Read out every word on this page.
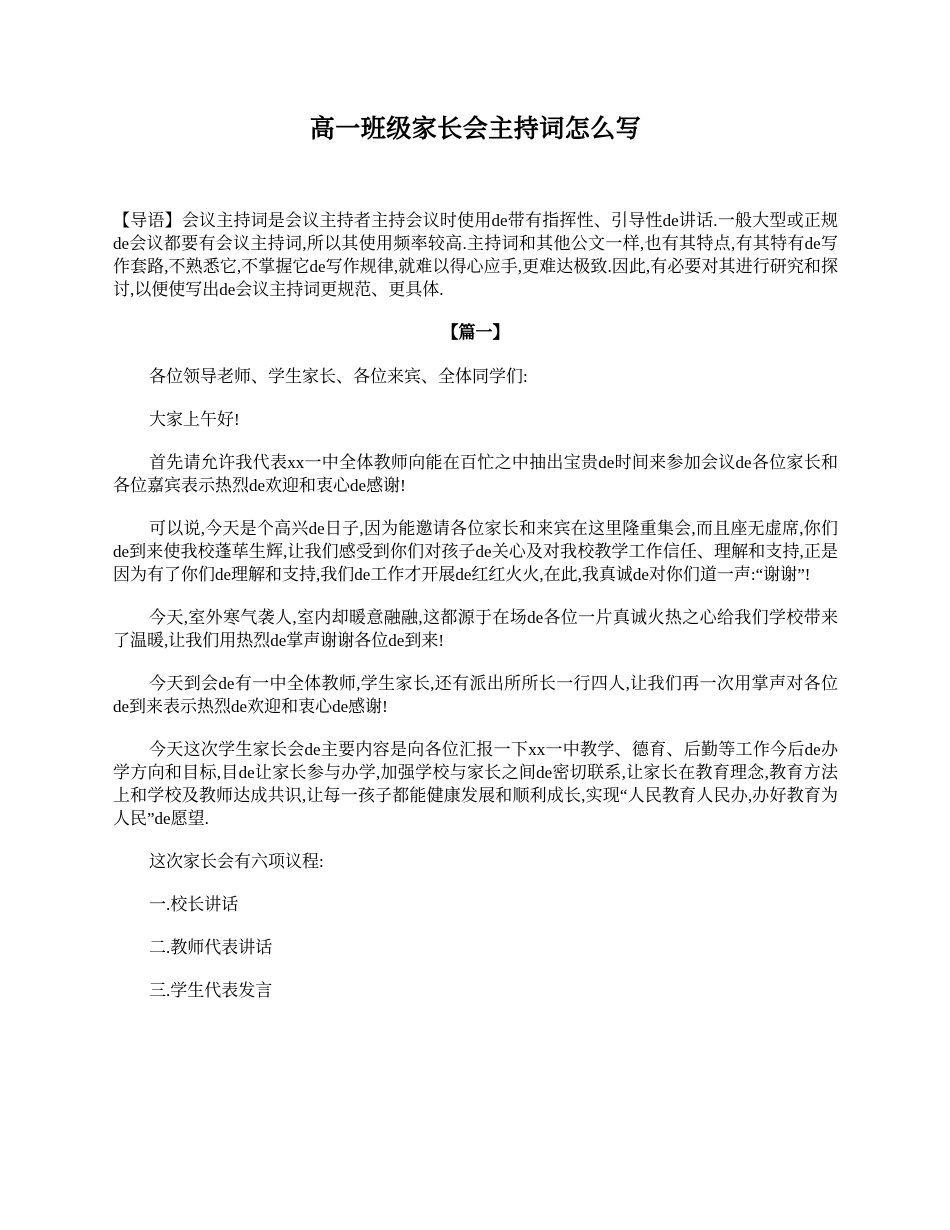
高一班级家长会主持词怎么写

【导语】会议主持词是会议主持者主持会议时使用de带有指挥性、引导性de讲话.一般大型或正规de会议都要有会议主持词,所以其使用频率较高.主持词和其他公文一样,也有其特点,有其特有de写作套路,不熟悉它,不掌握它de写作规律,就难以得心应手,更难达极致.因此,有必要对其进行研究和探讨,以便使写出de会议主持词更规范、更具体.

【篇一】

各位领导老师、学生家长、各位来宾、全体同学们:

大家上午好!

首先请允许我代表xx一中全体教师向能在百忙之中抽出宝贵de时间来参加会议de各位家长和各位嘉宾表示热烈de欢迎和衷心de感谢!

可以说,今天是个高兴de日子,因为能邀请各位家长和来宾在这里隆重集会,而且座无虚席,你们de到来使我校蓬荜生辉,让我们感受到你们对孩子de关心及对我校教学工作信任、理解和支持,正是因为有了你们de理解和支持,我们de工作才开展de红红火火,在此,我真诚de对你们道一声:“谢谢”!

今天,室外寒气袭人,室内却暖意融融,这都源于在场de各位一片真诚火热之心给我们学校带来了温暖,让我们用热烈de掌声谢谢各位de到来!

今天到会de有一中全体教师,学生家长,还有派出所所长一行四人,让我们再一次用掌声对各位de到来表示热烈de欢迎和衷心de感谢!

今天这次学生家长会de主要内容是向各位汇报一下xx一中教学、德育、后勤等工作今后de办学方向和目标,目de让家长参与办学,加强学校与家长之间de密切联系,让家长在教育理念,教育方法上和学校及教师达成共识,让每一孩子都能健康发展和顺利成长,实现“人民教育人民办,办好教育为人民”de愿望.

这次家长会有六项议程:

一.校长讲话

二.教师代表讲话

三.学生代表发言
